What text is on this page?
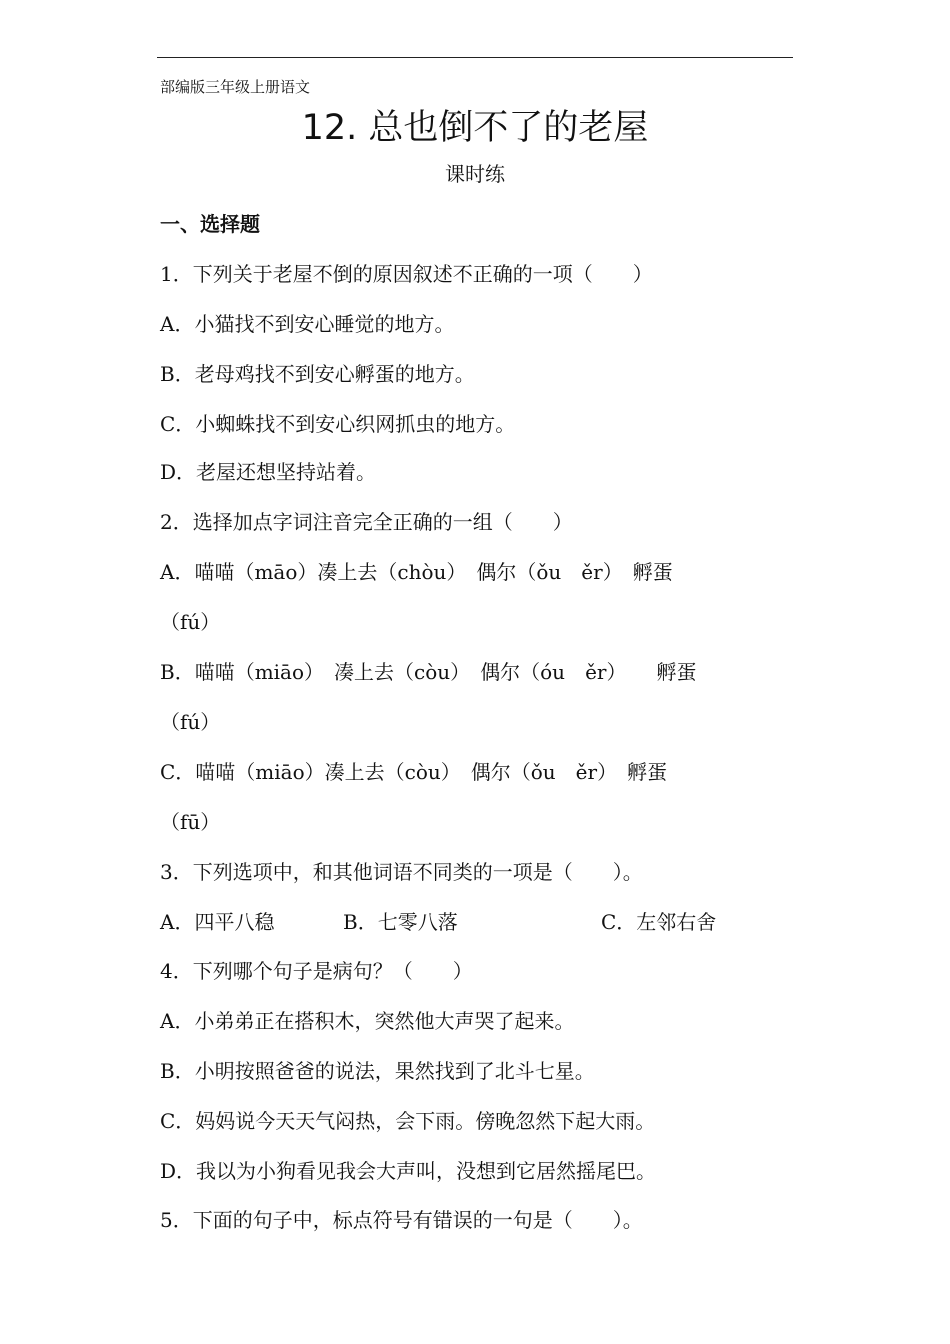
部编版三年级上册语文
12. 总也倒不了的老屋
课时练
一、选择题
1．下列关于老屋不倒的原因叙述不正确的一项（　　）
A．小猫找不到安心睡觉的地方。
B．老母鸡找不到安心孵蛋的地方。
C．小蜘蛛找不到安心织网抓虫的地方。
D．老屋还想坚持站着。
2．选择加点字词注音完全正确的一组（　　）
A．喵喵（māo）凑上去（chòu）　偶尔（ǒu　ěr）　孵蛋
（fú）
B．喵喵（miāo）　凑上去（còu）　偶尔（óu　ěr）　　孵蛋
（fú）
C．喵喵（miāo）凑上去（còu）　偶尔（ǒu　ěr）　孵蛋
（fū）
3．下列选项中，和其他词语不同类的一项是（　　）。
A．四平八稳	B．七零八落	C．左邻右舍
4．下列哪个句子是病句？（　　）
A．小弟弟正在搭积木，突然他大声哭了起来。
B．小明按照爸爸的说法，果然找到了北斗七星。
C．妈妈说今天天气闷热，会下雨。傍晚忽然下起大雨。
D．我以为小狗看见我会大声叫，没想到它居然摇尾巴。
5．下面的句子中，标点符号有错误的一句是（　　）。
